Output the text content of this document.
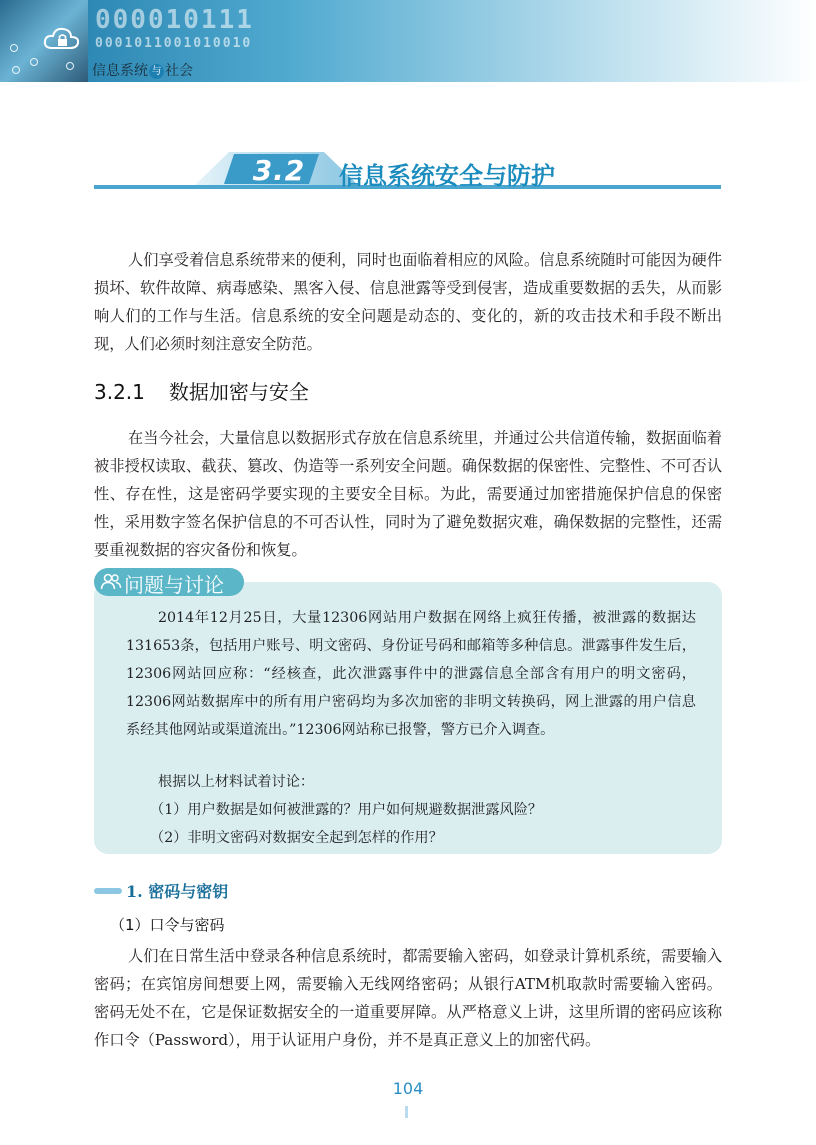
000010111
0001011001010010
信息系统 与 社会
3.2	信息系统安全与防护

人们享受着信息系统带来的便利，同时也面临着相应的风险。信息系统随时可能因为硬件损坏、软件故障、病毒感染、黑客入侵、信息泄露等受到侵害，造成重要数据的丢失，从而影响人们的工作与生活。信息系统的安全问题是动态的、变化的，新的攻击技术和手段不断出现，人们必须时刻注意安全防范。

3.2.1 数据加密与安全

在当今社会，大量信息以数据形式存放在信息系统里，并通过公共信道传输，数据面临着被非授权读取、截获、篡改、伪造等一系列安全问题。确保数据的保密性、完整性、不可否认性、存在性，这是密码学要实现的主要安全目标。为此，需要通过加密措施保护信息的保密性，采用数字签名保护信息的不可否认性，同时为了避免数据灾难，确保数据的完整性，还需要重视数据的容灾备份和恢复。

问题与讨论

2014年12月25日，大量12306网站用户数据在网络上疯狂传播，被泄露的数据达131653条，包括用户账号、明文密码、身份证号码和邮箱等多种信息。泄露事件发生后，12306网站回应称：“经核查，此次泄露事件中的泄露信息全部含有用户的明文密码，12306网站数据库中的所有用户密码均为多次加密的非明文转换码，网上泄露的用户信息系经其他网站或渠道流出。”12306网站称已报警，警方已介入调查。

根据以上材料试着讨论：

（1）用户数据是如何被泄露的？用户如何规避数据泄露风险？

（2）非明文密码对数据安全起到怎样的作用？

1. 密码与密钥
（1）口令与密码

人们在日常生活中登录各种信息系统时，都需要输入密码，如登录计算机系统，需要输入密码；在宾馆房间想要上网，需要输入无线网络密码；从银行ATM机取款时需要输入密码。密码无处不在，它是保证数据安全的一道重要屏障。从严格意义上讲，这里所谓的密码应该称作口令（Password），用于认证用户身份，并不是真正意义上的加密代码。

104
